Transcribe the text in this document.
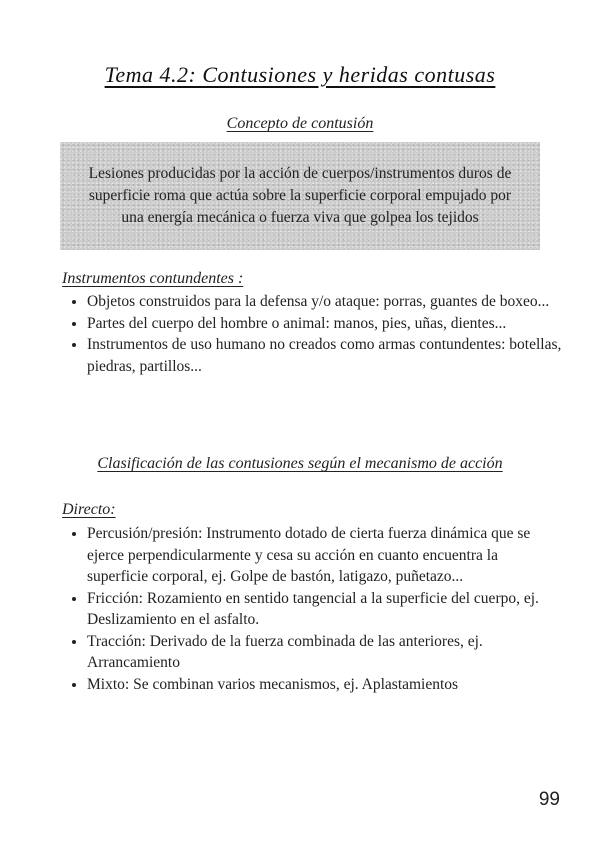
Tema 4.2: Contusiones y heridas contusas
Concepto de contusión
Lesiones producidas por la acción de cuerpos/instrumentos duros de superficie roma que actúa sobre la superficie corporal empujado por una energía mecánica o fuerza viva que golpea los tejidos
Instrumentos contundentes :
• Objetos construidos para la defensa y/o ataque: porras, guantes de boxeo...
• Partes del cuerpo del hombre o animal: manos, pies, uñas, dientes...
• Instrumentos de uso humano no creados como armas contundentes: botellas, piedras, partillos...
Clasificación de las contusiones según el mecanismo de acción
Directo:
• Percusión/presión: Instrumento dotado de cierta fuerza dinámica que se ejerce perpendicularmente y cesa su acción en cuanto encuentra la superficie corporal, ej. Golpe de bastón, latigazo, puñetazo...
• Fricción: Rozamiento en sentido tangencial a la superficie del cuerpo, ej. Deslizamiento en el asfalto.
• Tracción: Derivado de la fuerza combinada de las anteriores, ej. Arrancamiento
• Mixto: Se combinan varios mecanismos, ej. Aplastamientos
99
